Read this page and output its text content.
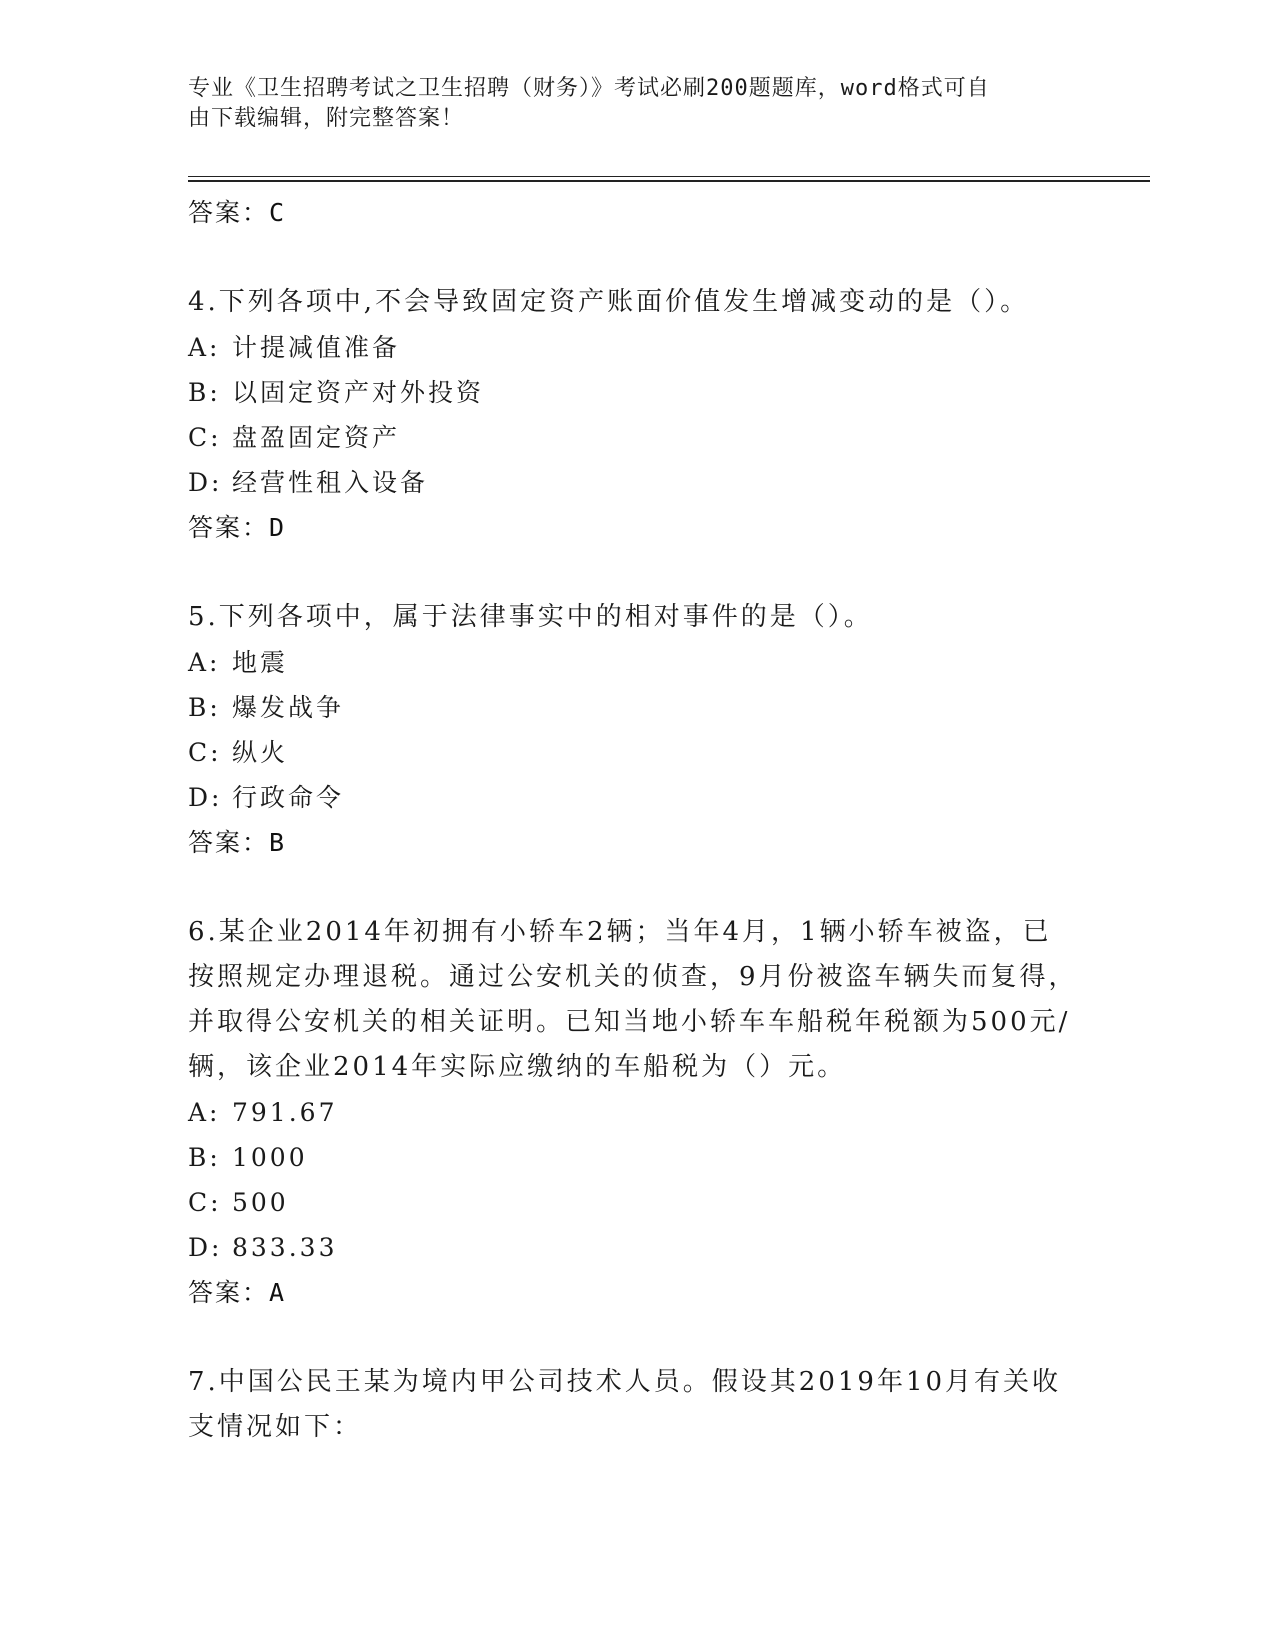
专业《卫生招聘考试之卫生招聘（财务）》考试必刷200题题库，word格式可自
由下载编辑，附完整答案！
答案：C
4.下列各项中,不会导致固定资产账面价值发生增减变动的是（）。
A: 计提减值准备
B: 以固定资产对外投资
C: 盘盈固定资产
D: 经营性租入设备
答案：D
5.下列各项中，属于法律事实中的相对事件的是（）。
A: 地震
B: 爆发战争
C: 纵火
D: 行政命令
答案：B
6.某企业2014年初拥有小轿车2辆；当年4月，1辆小轿车被盗，已
按照规定办理退税。通过公安机关的侦查，9月份被盗车辆失而复得，
并取得公安机关的相关证明。已知当地小轿车车船税年税额为500元/
辆，该企业2014年实际应缴纳的车船税为（）元。
A: 791.67
B: 1000
C: 500
D: 833.33
答案：A
7.中国公民王某为境内甲公司技术人员。假设其2019年10月有关收
支情况如下：
